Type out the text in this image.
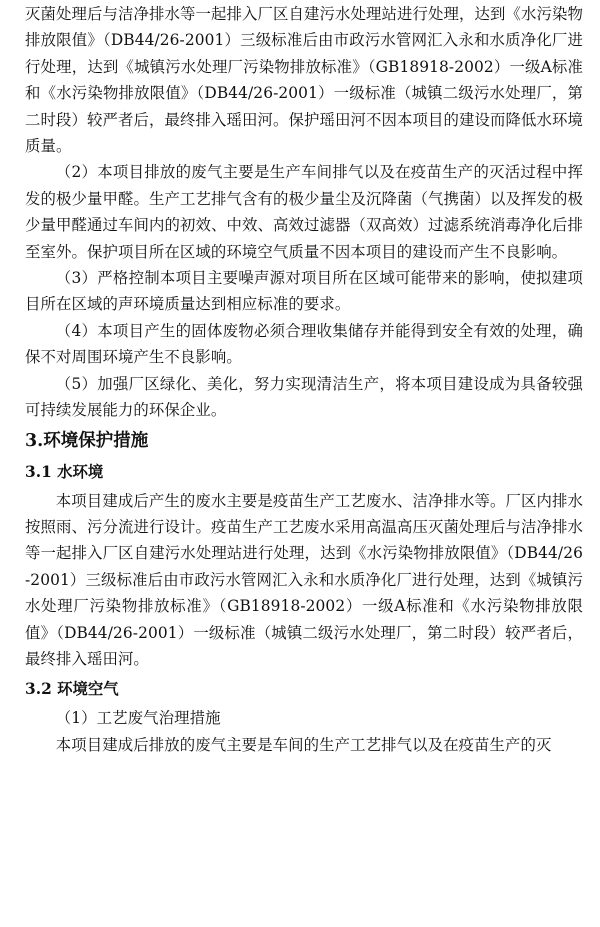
灭菌处理后与洁净排水等一起排入厂区自建污水处理站进行处理，达到《水污染物排放限值》（DB44/26-2001）三级标准后由市政污水管网汇入永和水质净化厂进行处理，达到《城镇污水处理厂污染物排放标准》（GB18918-2002）一级A标准和《水污染物排放限值》（DB44/26-2001）一级标准（城镇二级污水处理厂，第二时段）较严者后，最终排入瑶田河。保护瑶田河不因本项目的建设而降低水环境质量。

（2）本项目排放的废气主要是生产车间排气以及在疫苗生产的灭活过程中挥发的极少量甲醛。生产工艺排气含有的极少量尘及沉降菌（气携菌）以及挥发的极少量甲醛通过车间内的初效、中效、高效过滤器（双高效）过滤系统消毒净化后排至室外。保护项目所在区域的环境空气质量不因本项目的建设而产生不良影响。

（3）严格控制本项目主要噪声源对项目所在区域可能带来的影响，使拟建项目所在区域的声环境质量达到相应标准的要求。

（4）本项目产生的固体废物必须合理收集储存并能得到安全有效的处理，确保不对周围环境产生不良影响。

（5）加强厂区绿化、美化，努力实现清洁生产，将本项目建设成为具备较强可持续发展能力的环保企业。

3.环境保护措施
3.1 水环境

本项目建成后产生的废水主要是疫苗生产工艺废水、洁净排水等。厂区内排水按照雨、污分流进行设计。疫苗生产工艺废水采用高温高压灭菌处理后与洁净排水等一起排入厂区自建污水处理站进行处理，达到《水污染物排放限值》（DB44/26-2001）三级标准后由市政污水管网汇入永和水质净化厂进行处理，达到《城镇污水处理厂污染物排放标准》（GB18918-2002）一级A标准和《水污染物排放限值》（DB44/26-2001）一级标准（城镇二级污水处理厂，第二时段）较严者后，最终排入瑶田河。

3.2 环境空气

（1）工艺废气治理措施

本项目建成后排放的废气主要是车间的生产工艺排气以及在疫苗生产的灭
